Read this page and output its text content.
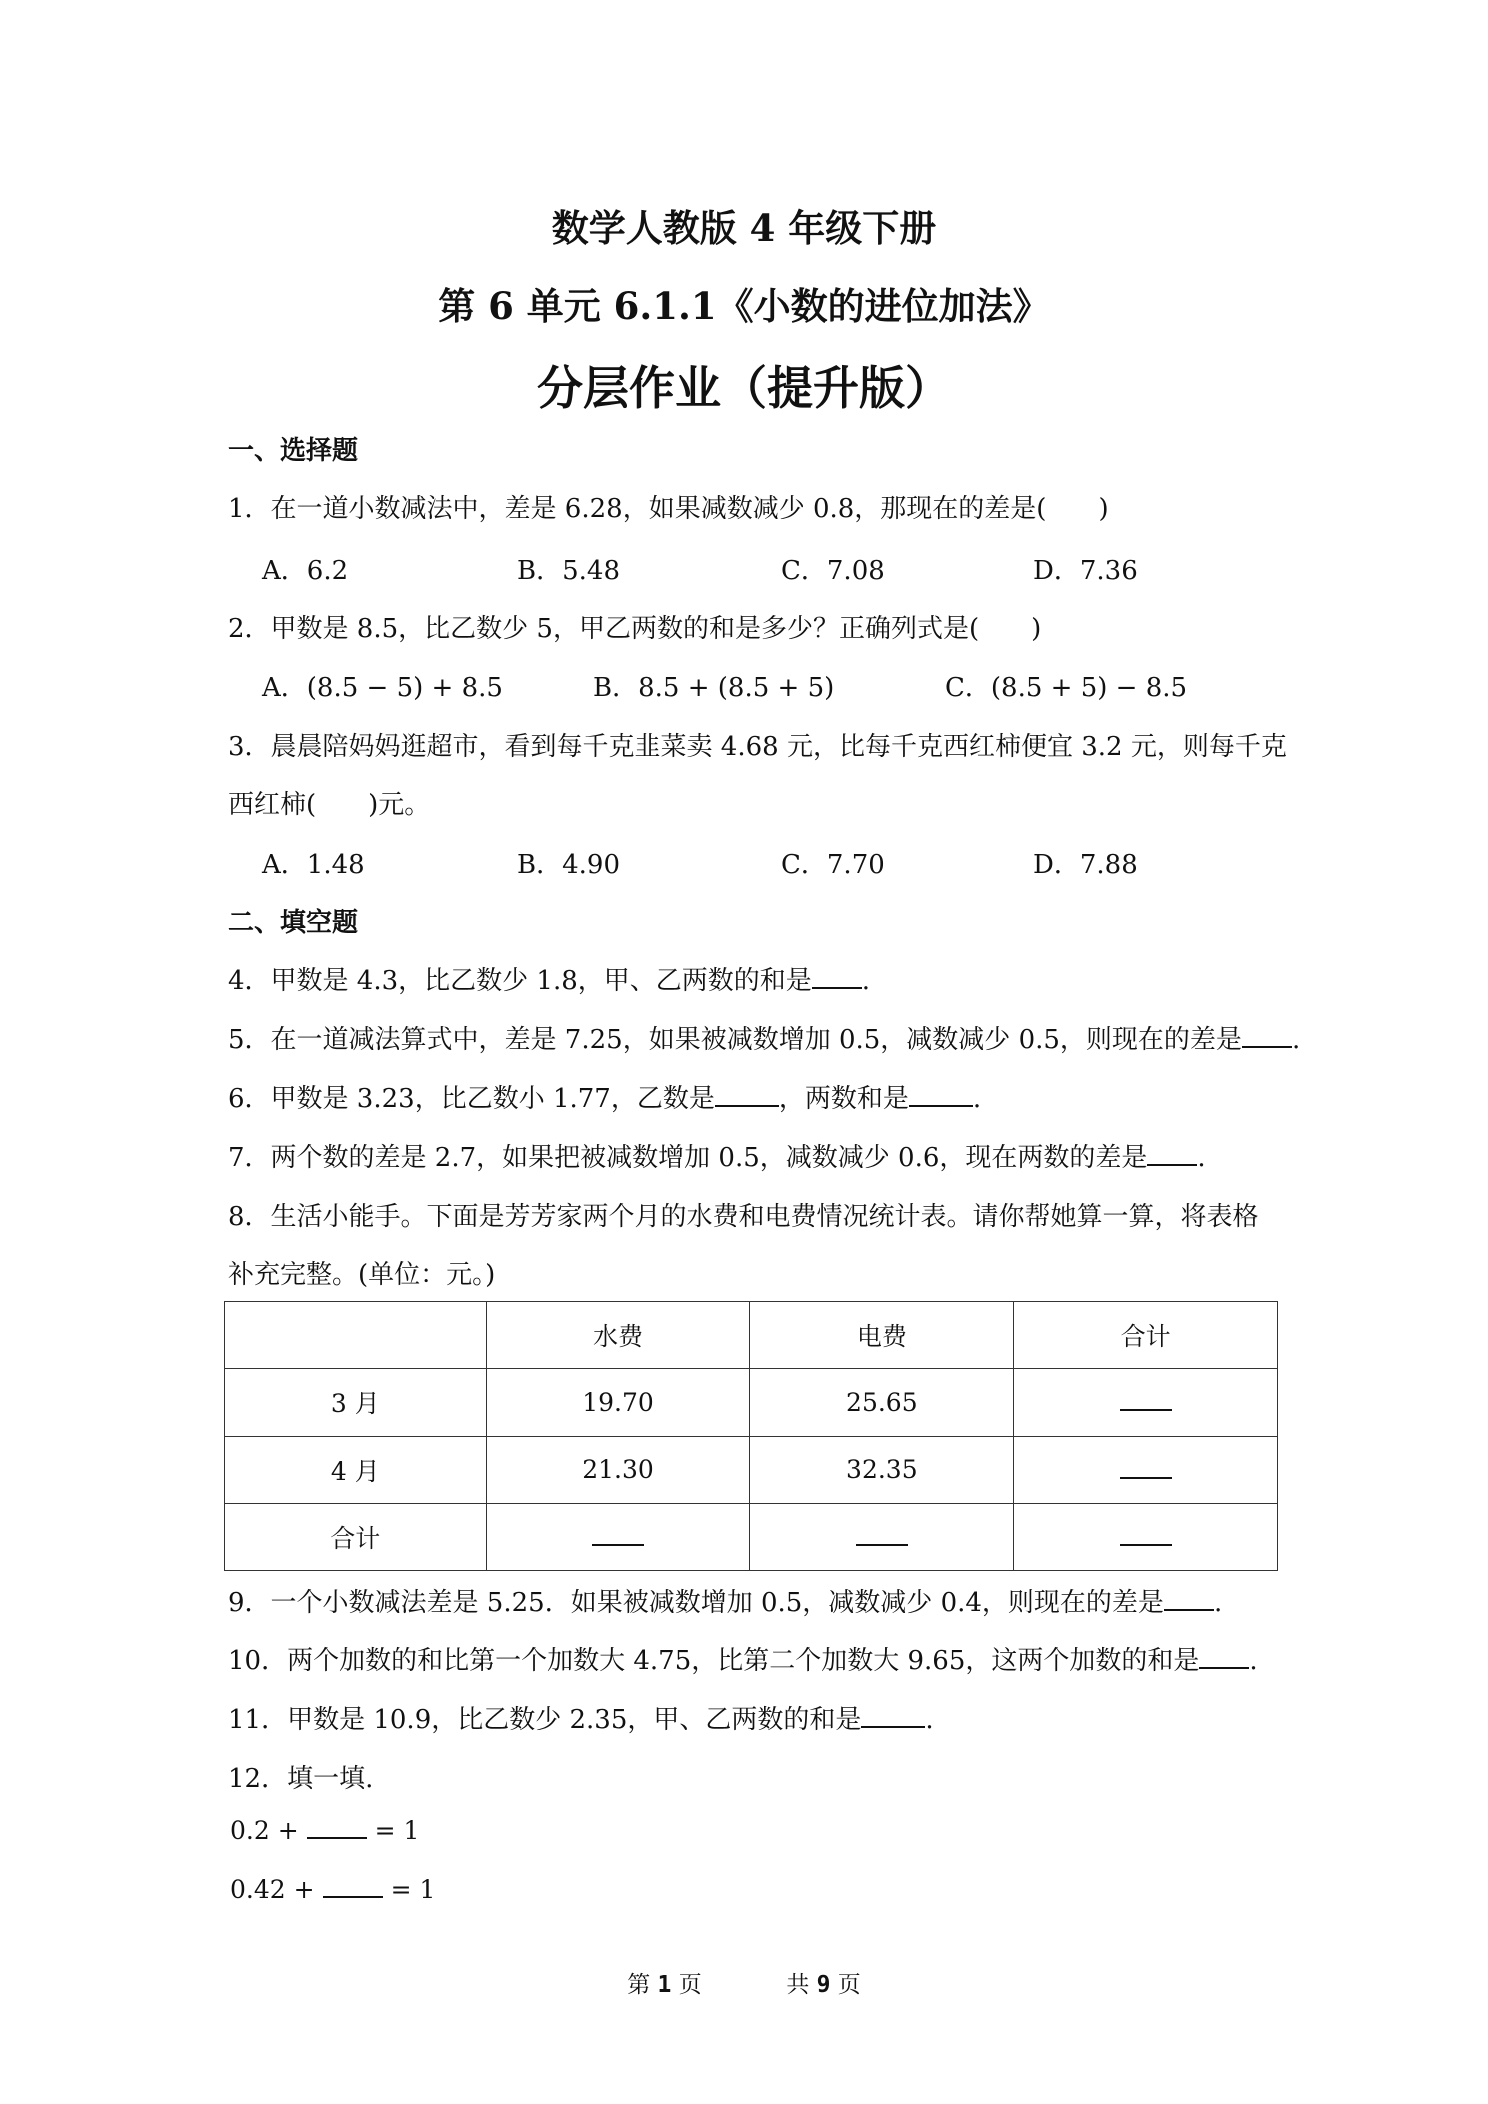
数学人教版 4 年级下册
第 6 单元 6.1.1《小数的进位加法》
分层作业（提升版）
一、选择题
1．在一道小数减法中，差是 6.28，如果减数减少 0.8，那现在的差是(　　)
A．6.2	B．5.48	C．7.08	D．7.36
2．甲数是 8.5，比乙数少 5，甲乙两数的和是多少？正确列式是(　　)
A．(8.5 − 5) + 8.5	B．8.5 + (8.5 + 5)	C．(8.5 + 5) − 8.5
3．晨晨陪妈妈逛超市，看到每千克韭菜卖 4.68 元，比每千克西红柿便宜 3.2 元，则每千克
西红柿(　　)元。
A．1.48	B．4.90	C．7.70	D．7.88
二、填空题
4．甲数是 4.3，比乙数少 1.8，甲、乙两数的和是 .
5．在一道减法算式中，差是 7.25，如果被减数增加 0.5，减数减少 0.5，则现在的差是 .
6．甲数是 3.23，比乙数小 1.77，乙数是 ，两数和是 .
7．两个数的差是 2.7，如果把被减数增加 0.5，减数减少 0.6，现在两数的差是 .
8．生活小能手。下面是芳芳家两个月的水费和电费情况统计表。请你帮她算一算，将表格
补充完整。(单位：元。)
	水费	电费	合计
3 月	19.70	25.65	
4 月	21.30	32.35	
合计			
9．一个小数减法差是 5.25．如果被减数增加 0.5，减数减少 0.4，则现在的差是 .
10．两个加数的和比第一个加数大 4.75，比第二个加数大 9.65，这两个加数的和是 .
11．甲数是 10.9，比乙数少 2.35，甲、乙两数的和是 .
12．填一填.
0.2 +	= 1
0.42 +	= 1
第 1 页	共 9 页
